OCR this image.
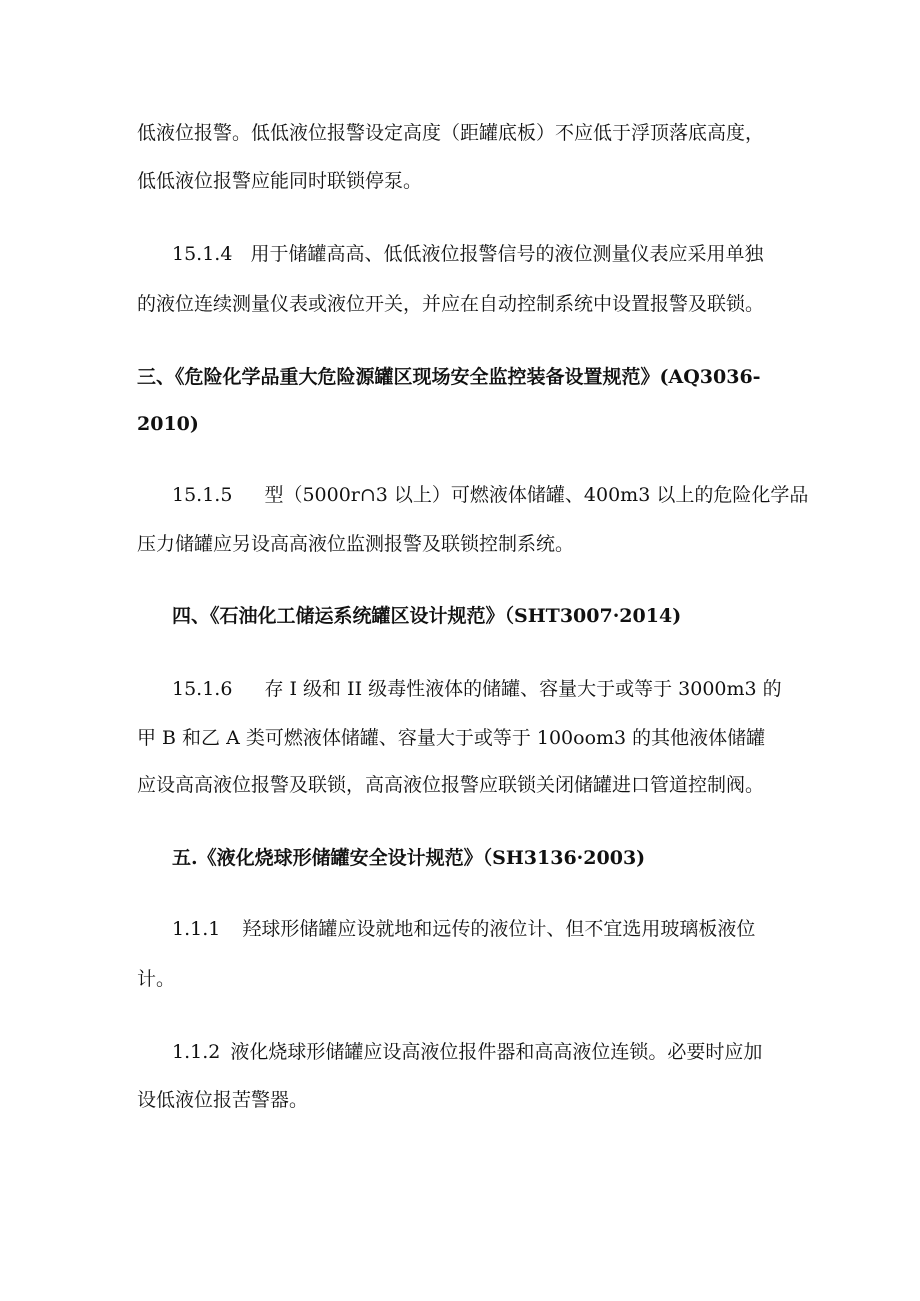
低液位报警。低低液位报警设定高度（距罐底板）不应低于浮顶落底高度，
低低液位报警应能同时联锁停泵。
15.1.4 用于储罐高高、低低液位报警信号的液位测量仪表应采用单独
的液位连续测量仪表或液位开关，并应在自动控制系统中设置报警及联锁。
三、《危险化学品重大危险源罐区现场安全监控装备设置规范》(AQ3036-
2010)
15.1.5 型（5000r∩3 以上）可燃液体储罐、400m3 以上的危险化学品
压力储罐应另设高高液位监测报警及联锁控制系统。
四、《石油化工储运系统罐区设计规范》（SHT3007·2014)
15.1.6 存 I 级和 II 级毒性液体的储罐、容量大于或等于 3000m3 的
甲 B 和乙 A 类可燃液体储罐、容量大于或等于 100oom3 的其他液体储罐
应设高高液位报警及联锁，高高液位报警应联锁关闭储罐进口管道控制阀。
五.《液化烧球形储罐安全设计规范》（SH3136·2003)
1.1.1 羟球形储罐应设就地和远传的液位计、但不宜选用玻璃板液位
计。
1.1.2 液化烧球形储罐应设高液位报件器和高高液位连锁。必要时应加
设低液位报苦警器。
